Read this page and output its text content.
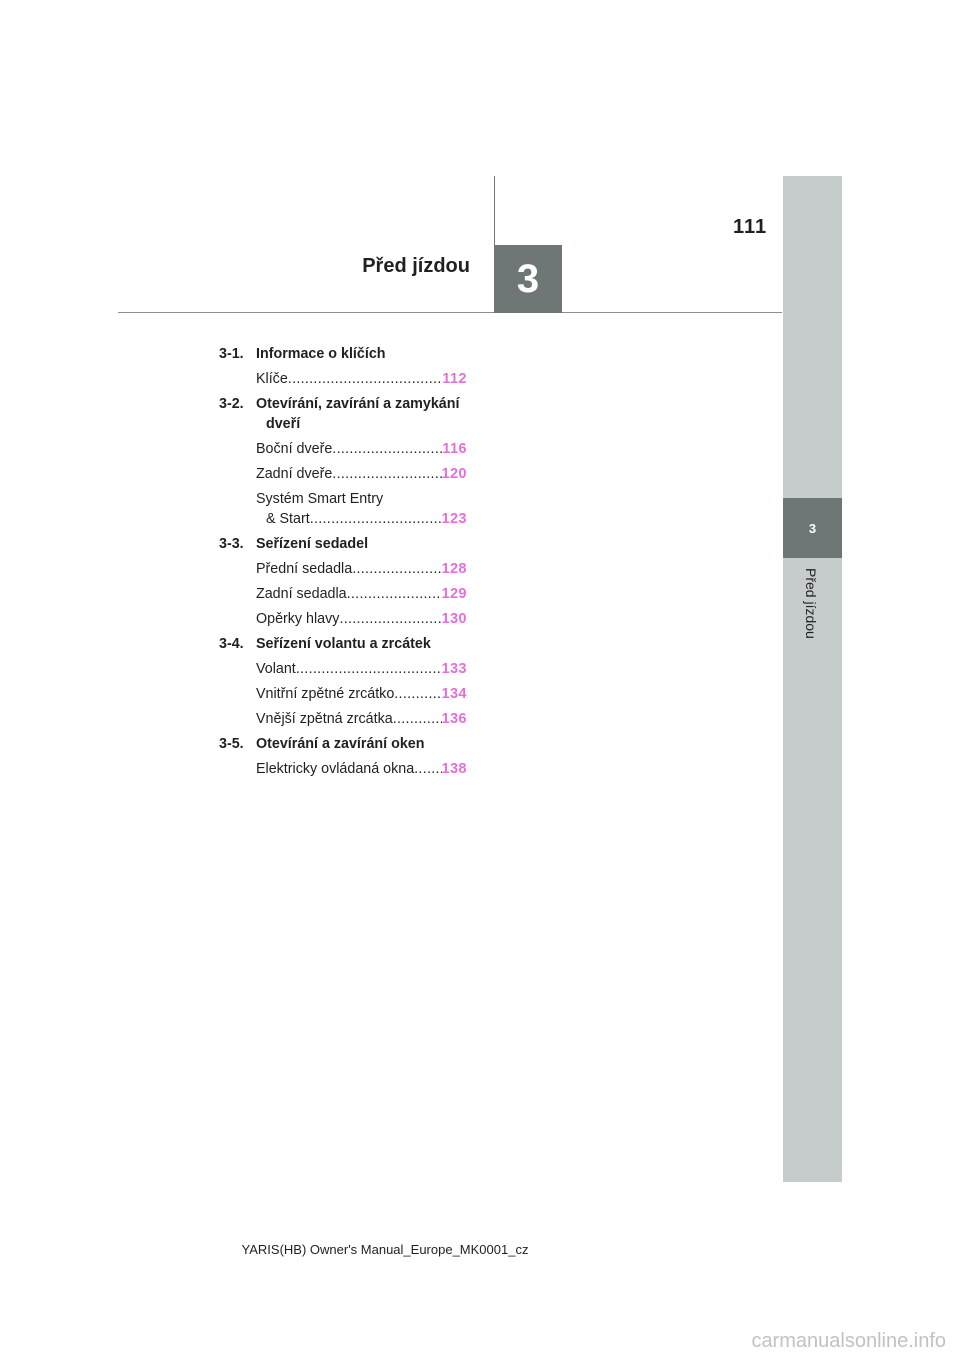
3
Před jízdou
3
Před jízdou
111
3-1. Informace o klíčích
Klíče .....	112
3-2. Otevírání, zavírání a zamykání
dveří
Boční dveře .....	116
Zadní dveře .....	120
Systém Smart Entry
& Start .....	123
3-3. Seřízení sedadel
Přední sedadla .....	128
Zadní sedadla .....	129
Opěrky hlavy .....	130
3-4. Seřízení volantu a zrcátek
Volant .....	133
Vnitřní zpětné zrcátko .....	134
Vnější zpětná zrcátka .....	136
3-5. Otevírání a zavírání oken
Elektricky ovládaná okna ..... 138
YARIS(HB) Owner's Manual_Europe_MK0001_cz
carmanualsonline.info
